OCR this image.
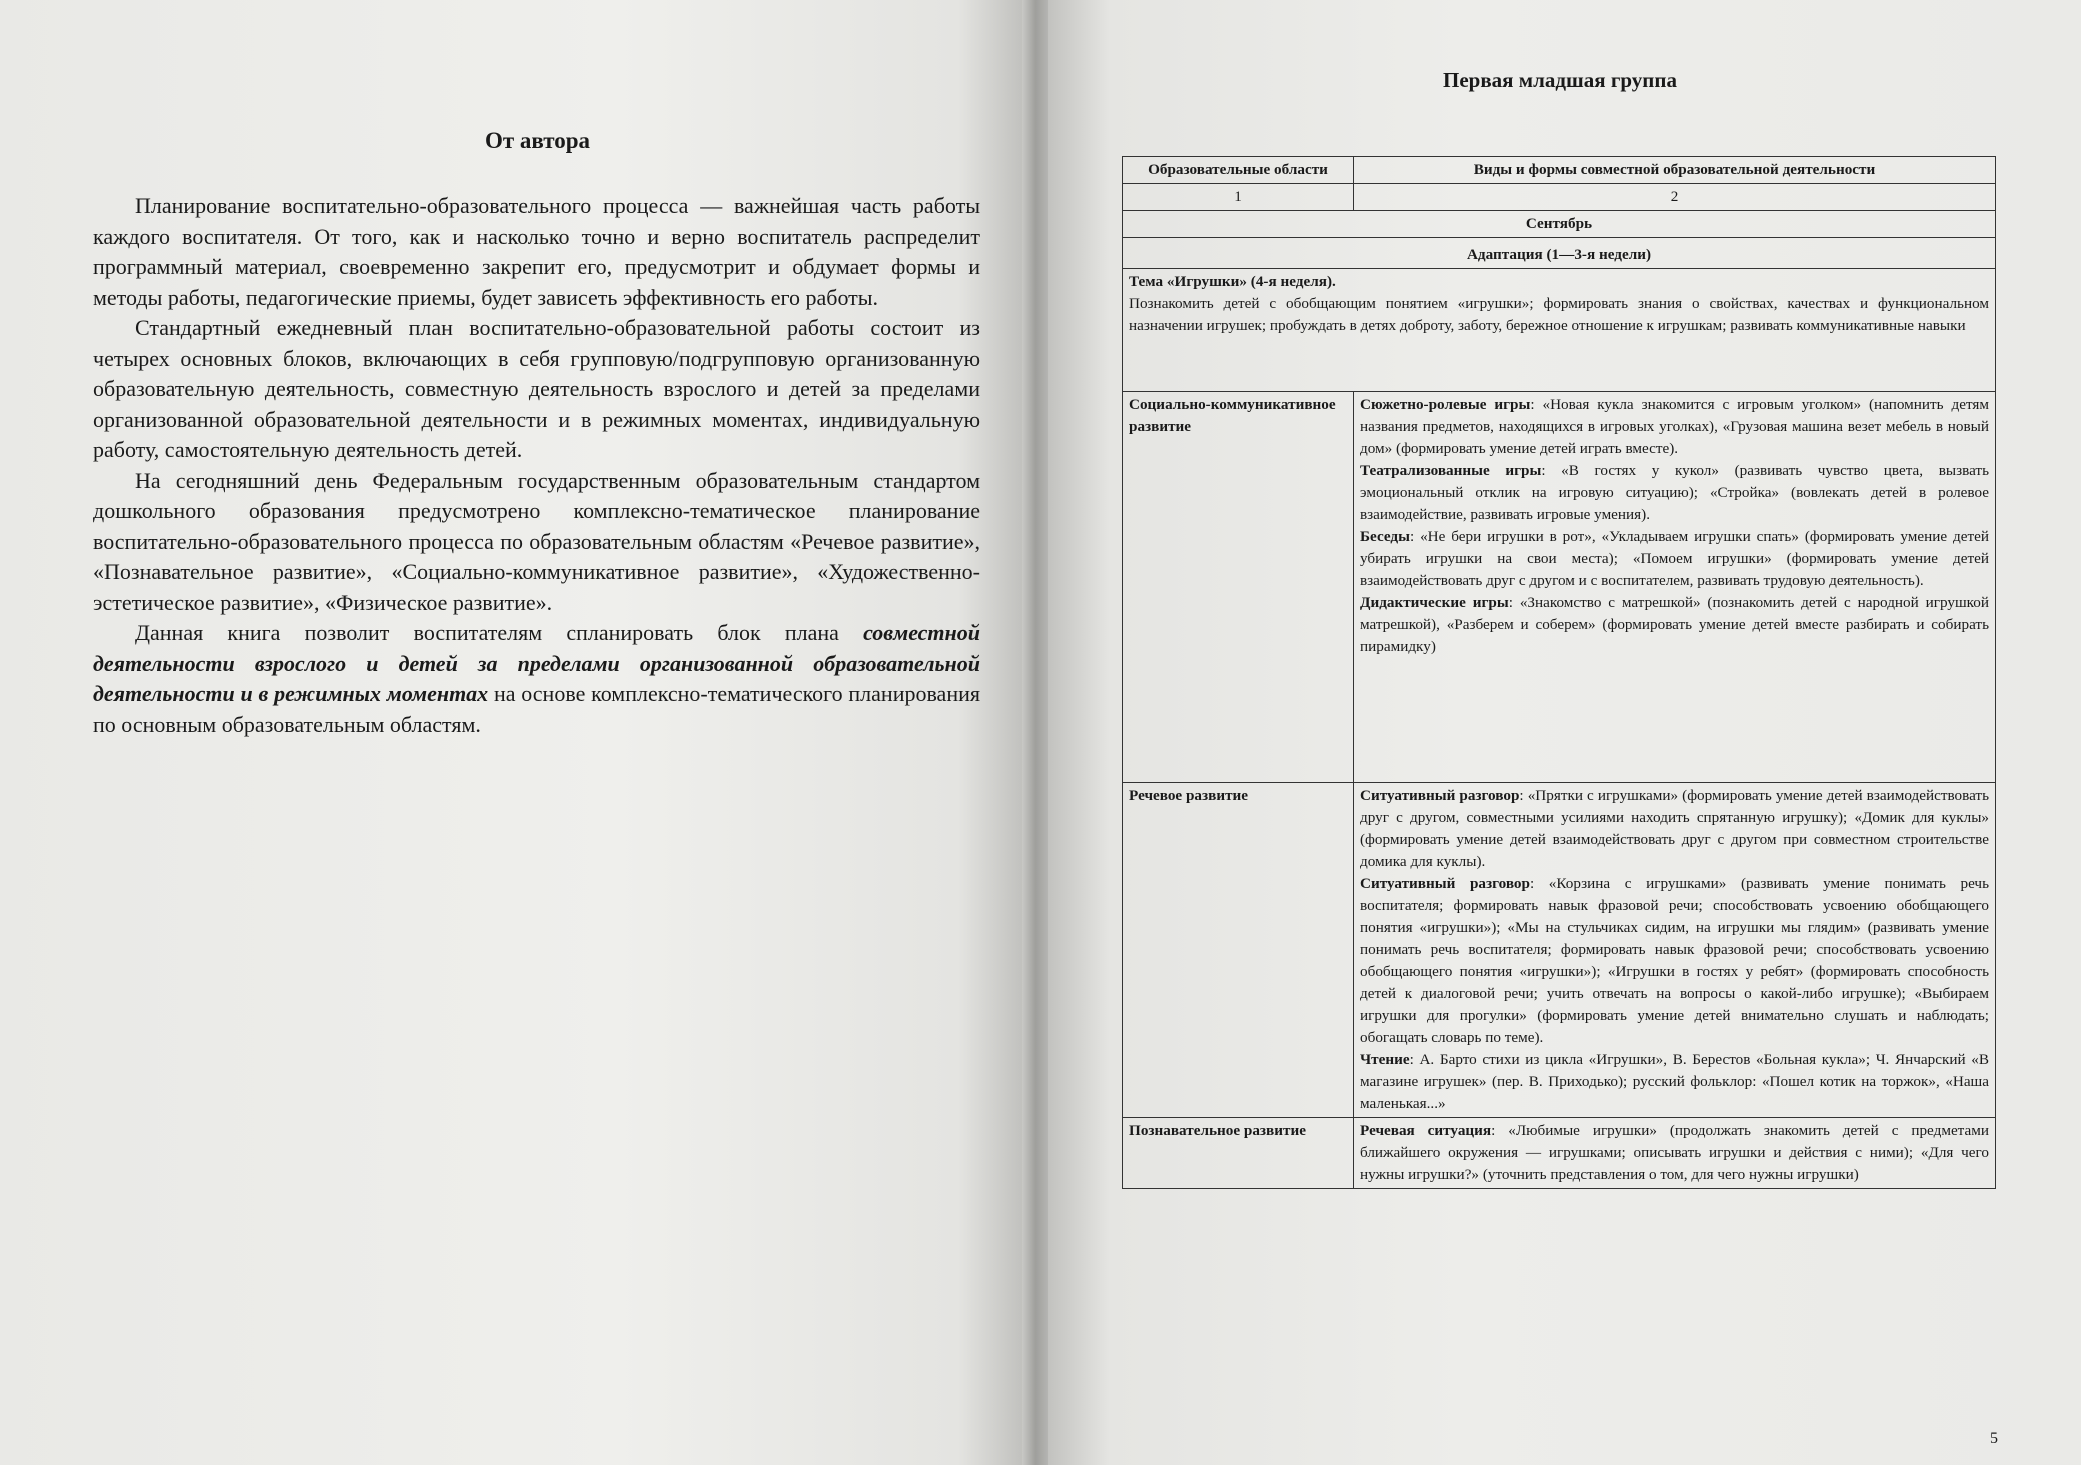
От автора

Планирование воспитательно-образовательного процесса — важнейшая часть работы каждого воспитателя. От того, как и насколько точно и верно воспитатель распределит программный материал, своевременно закрепит его, предусмотрит и обдумает формы и методы работы, педагогические приемы, будет зависеть эффективность его работы.

Стандартный ежедневный план воспитательно-образовательной работы состоит из четырех основных блоков, включающих в себя групповую/подгрупповую организованную образовательную деятельность, совместную деятельность взрослого и детей за пределами организованной образовательной деятельности и в режимных моментах, индивидуальную работу, самостоятельную деятельность детей.

На сегодняшний день Федеральным государственным образовательным стандартом дошкольного образования предусмотрено комплексно-тематическое планирование воспитательно-образовательного процесса по образовательным областям «Речевое развитие», «Познавательное развитие», «Социально-коммуникативное развитие», «Художественно-эстетическое развитие», «Физическое развитие».

Данная книга позволит воспитателям спланировать блок плана совместной деятельности взрослого и детей за пределами организованной образовательной деятельности и в режимных моментах на основе комплексно-тематического планирования по основным образовательным областям.

Первая младшая группа
Образовательные области	Виды и формы совместной образовательной деятельности
1	2
Сентябрь	
Адаптация (1—3-я недели)	

Тема «Игрушки» (4-я неделя).
Познакомить детей с обобщающим понятием «игрушки»; формировать знания о свойствах, качествах и функциональном назначении игрушек; пробуждать в детях доброту, заботу, бережное отношение к игрушкам; развивать коммуникативные навыки	

Социально-коммуникативное развитие	Сюжетно-ролевые игры: «Новая кукла знакомится с игровым уголком» (напомнить детям названия предметов, находящихся в игровых уголках), «Грузовая машина везет мебель в новый дом» (формировать умение детей играть вместе).
Театрализованные игры: «В гостях у кукол» (развивать чувство цвета, вызвать эмоциональный отклик на игровую ситуацию); «Стройка» (вовлекать детей в ролевое взаимодействие, развивать игровые умения).
Беседы: «Не бери игрушки в рот», «Укладываем игрушки спать» (формировать умение детей убирать игрушки на свои места); «Помоем игрушки» (формировать умение детей взаимодействовать друг с другом и с воспитателем, развивать трудовую деятельность).
Дидактические игры: «Знакомство с матрешкой» (познакомить детей с народной игрушкой матрешкой), «Разберем и соберем» (формировать умение детей вместе разбирать и собирать пирамидку)

Речевое развитие	Ситуативный разговор: «Прятки с игрушками» (формировать умение детей взаимодействовать друг с другом, совместными усилиями находить спрятанную игрушку); «Домик для куклы» (формировать умение детей взаимодействовать друг с другом при совместном строительстве домика для куклы).
Ситуативный разговор: «Корзина с игрушками» (развивать умение понимать речь воспитателя; формировать навык фразовой речи; способствовать усвоению обобщающего понятия «игрушки»); «Мы на стульчиках сидим, на игрушки мы глядим» (развивать умение понимать речь воспитателя; формировать навык фразовой речи; способствовать усвоению обобщающего понятия «игрушки»); «Игрушки в гостях у ребят» (формировать способность детей к диалоговой речи; учить отвечать на вопросы о какой-либо игрушке); «Выбираем игрушки для прогулки» (формировать умение детей внимательно слушать и наблюдать; обогащать словарь по теме).
Чтение: А. Барто стихи из цикла «Игрушки», В. Берестов «Больная кукла»; Ч. Янчарский «В магазине игрушек» (пер. В. Приходько); русский фольклор: «Пошел котик на торжок», «Наша маленькая...»

Познавательное развитие	Речевая ситуация: «Любимые игрушки» (продолжать знакомить детей с предметами ближайшего окружения — игрушками; описывать игрушки и действия с ними); «Для чего нужны игрушки?» (уточнить представления о том, для чего нужны игрушки)
5
